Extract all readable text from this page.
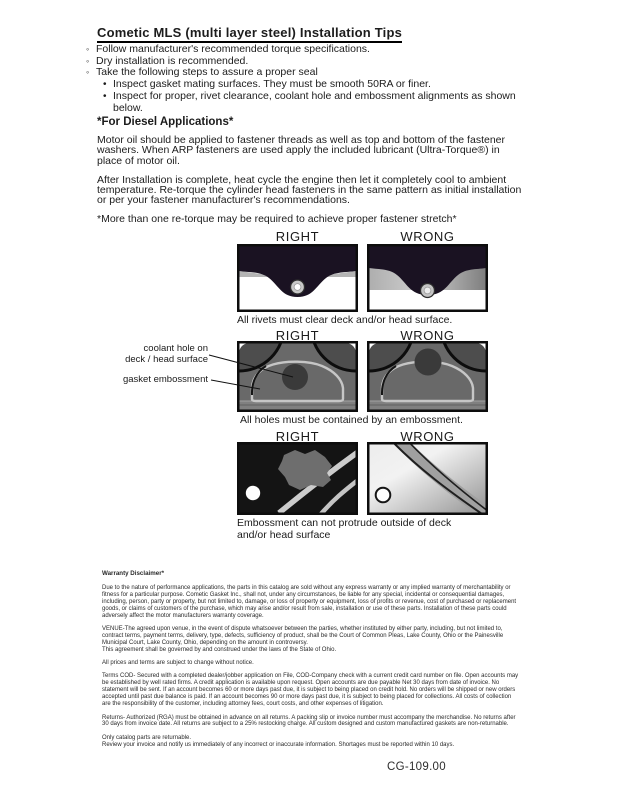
Cometic MLS (multi layer steel) Installation Tips
◦ Follow manufacturer's recommended torque specifications.
◦ Dry installation is recommended.
◦ Take the following steps to assure a proper seal
• Inspect gasket mating surfaces. They must be smooth 50RA or finer.
• Inspect for proper, rivet clearance, coolant hole and embossment alignments as shown below.
*For Diesel Applications*

Motor oil should be applied to fastener threads as well as top and bottom of the fastener washers. When ARP fasteners are used apply the included lubricant (Ultra-Torque®) in place of motor oil.

After Installation is complete, heat cycle the engine then let it completely cool to ambient temperature. Re-torque the cylinder head fasteners in the same pattern as initial installation or per your fastener manufacturer's recommendations.

*More than one re-torque may be required to achieve proper fastener stretch*

RIGHT	WRONG
All rivets must clear deck and/or head surface.
RIGHT	WRONG
coolant hole on
deck / head surface
gasket embossment
All holes must be contained by an embossment.
RIGHT	WRONG
Embossment can not protrude outside of deck
and/or head surface
Warranty Disclaimer*

Due to the nature of performance applications, the parts in this catalog are sold without any express warranty or any implied warranty of merchantability or fitness for a particular purpose. Cometic Gasket Inc., shall not, under any circumstances, be liable for any special, incidental or consequential damages, including, person, party or property, but not limited to, damage, or loss of property or equipment, loss of profits or revenue, cost of purchased or replacement goods, or claims of customers of the purchase, which may arise and/or result from sale, installation or use of these parts. Installation of these parts could adversely affect the motor manufacturers warranty coverage.

VENUE-The agreed upon venue, in the event of dispute whatsoever between the parties, whether instituted by either party, including, but not limited to, contract terms, payment terms, delivery, type, defects, sufficiency of product, shall be the Court of Common Pleas, Lake County, Ohio or the Painesville Municipal Court, Lake County, Ohio, depending on the amount in controversy.
This agreement shall be governed by and construed under the laws of the State of Ohio.
All prices and terms are subject to change without notice.

Terms COD- Secured with a completed dealer/jobber application on File, COD-Company check with a current credit card number on file. Open accounts may be established by well rated firms. A credit application is available upon request. Open accounts are due payable Net 30 days from date of invoice. No statement will be sent. If an account becomes 60 or more days past due, it is subject to being placed on credit hold. No orders will be shipped or new orders accepted until past due balance is paid. If an account becomes 90 or more days past due, it is subject to being placed for collections. All costs of collection are the responsibility of the customer, including attorney fees, court costs, and other expenses of litigation.

Returns- Authorized (RGA) must be obtained in advance on all returns. A packing slip or invoice number must accompany the merchandise. No returns after 30 days from invoice date. All returns are subject to a 25% restocking charge. All custom designed and custom manufactured gaskets are non-returnable.

Only catalog parts are returnable.
Review your invoice and notify us immediately of any incorrect or inaccurate information. Shortages must be reported within 10 days.
CG-109.00
